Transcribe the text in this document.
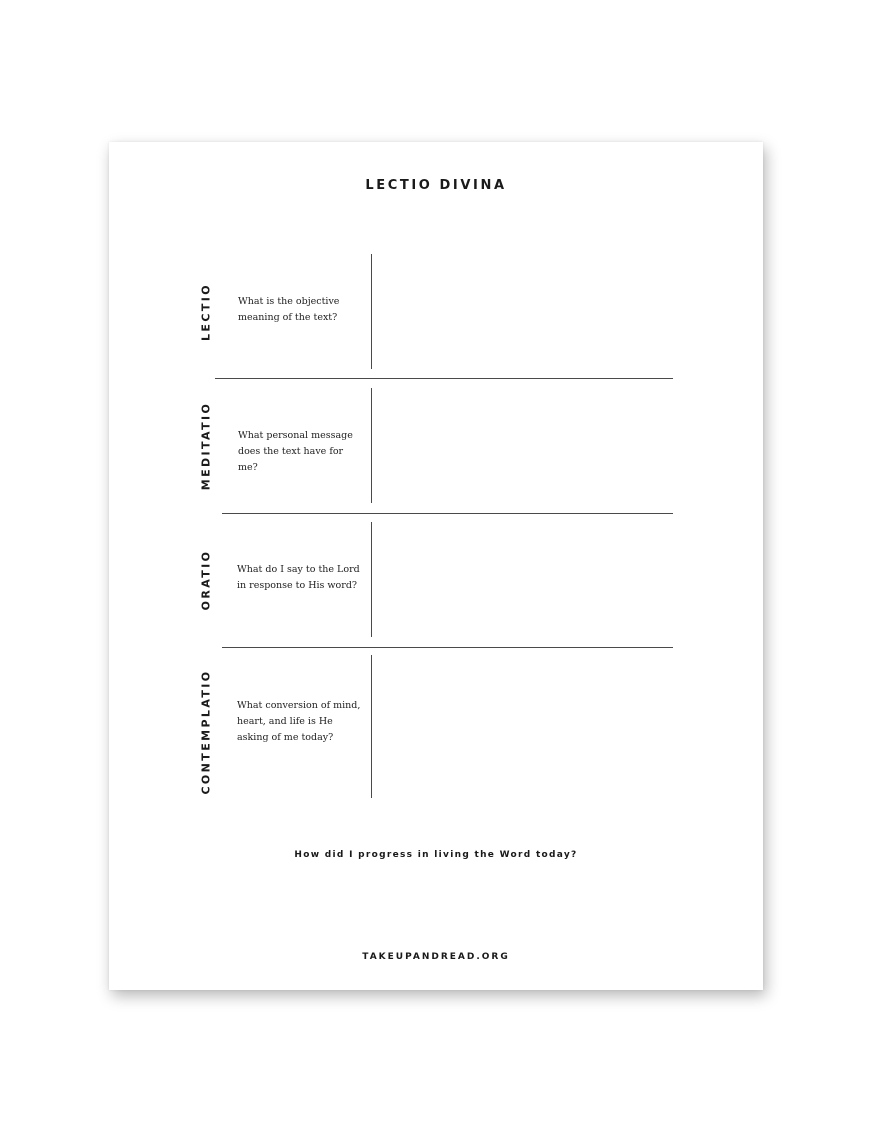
LECTIO DIVINA
LECTIO	What is the objective meaning of the text?
MEDITATIO	What personal message does the text have for me?
ORATIO	What do I say to the Lord in response to His word?
CONTEMPLATIO	What conversion of mind, heart, and life is He asking of me today?
How did I progress in living the Word today?
TAKEUPANDREAD.ORG
